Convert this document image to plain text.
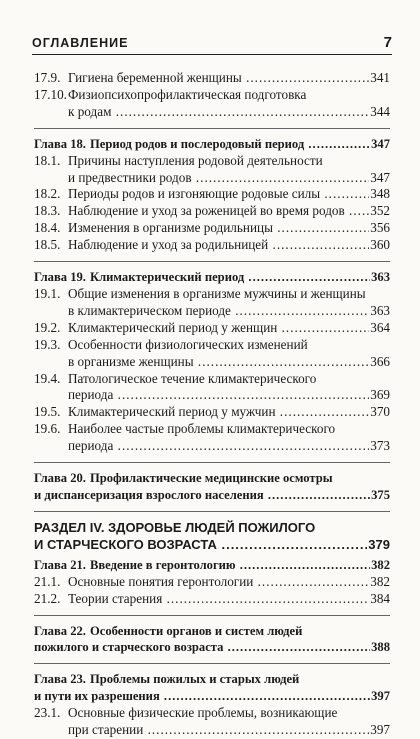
ОГЛАВЛЕНИЕ	7
17.9. Гигиена беременной женщины .....	341
17.10. Физиопсихопрофилактическая подготовка
к родам .....	344
Глава 18. Период родов и послеродовый период .....	347
18.1. Причины наступления родовой деятельности
и предвестники родов .....	347
18.2. Периоды родов и изгоняющие родовые силы .....	348
18.3. Наблюдение и уход за роженицей во время родов .....	352
18.4. Изменения в организме родильницы .....	356
18.5. Наблюдение и уход за родильницей .....	360
Глава 19. Климактерический период .....	363
19.1. Общие изменения в организме мужчины и женщины
в климактерическом периоде .....	363
19.2. Климактерический период у женщин .....	364
19.3. Особенности физиологических изменений
в организме женщины .....	366
19.4. Патологическое течение климактерического
периода .....	369
19.5. Климактерический период у мужчин .....	370
19.6. Наиболее частые проблемы климактерического
периода .....	373
Глава 20. Профилактические медицинские осмотры
и диспансеризация взрослого населения .....	375
РАЗДЕЛ IV. ЗДОРОВЬЕ ЛЮДЕЙ ПОЖИЛОГО
И СТАРЧЕСКОГО ВОЗРАСТА .....	379
Глава 21. Введение в геронтологию .....	382
21.1. Основные понятия геронтологии .....	382
21.2. Теории старения .....	384
Глава 22. Особенности органов и систем людей
пожилого и старческого возраста .....	388
Глава 23. Проблемы пожилых и старых людей
и пути их разрешения .....	397
23.1. Основные физические проблемы, возникающие
при старении .....	397
